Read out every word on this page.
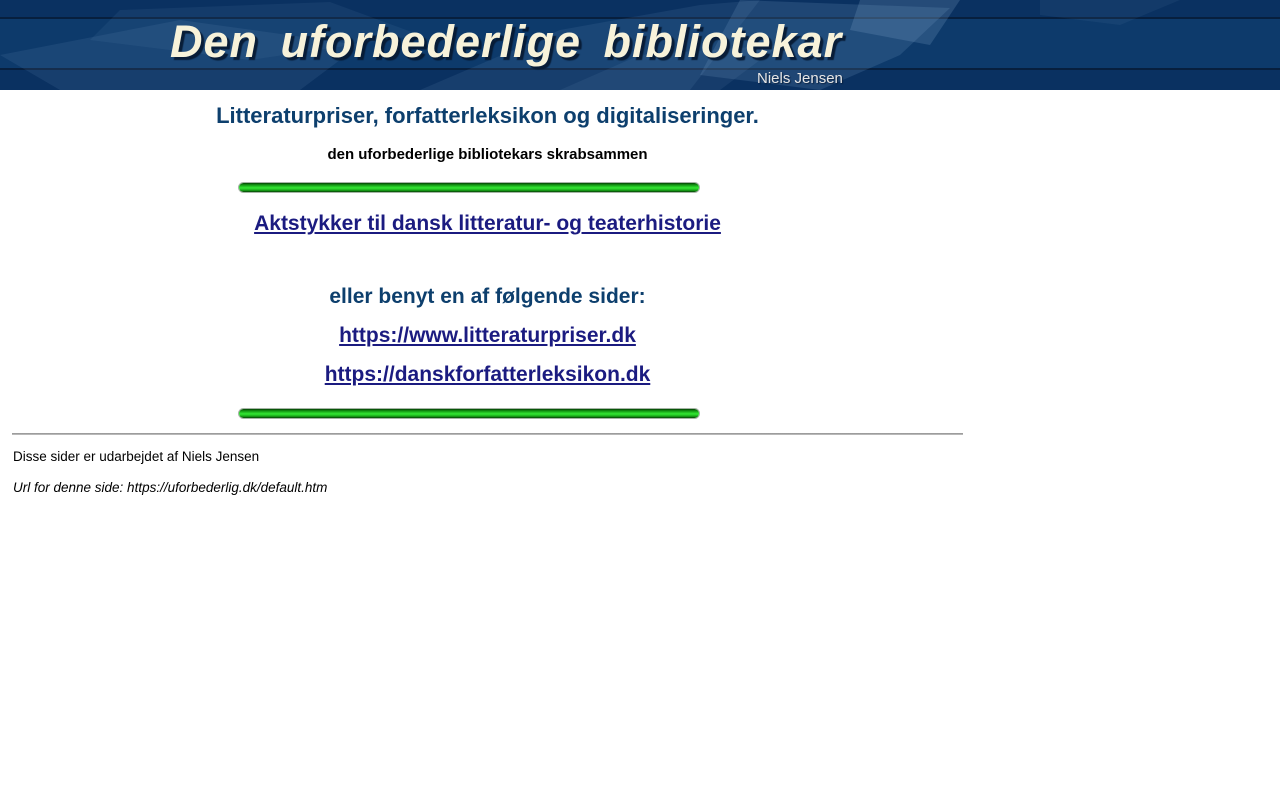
Den uforbederlige bibliotekar
Niels Jensen
Litteraturpriser, forfatterleksikon og digitaliseringer.

den uforbederlige bibliotekars skrabsammen

Aktstykker til dansk litteratur- og teaterhistorie

eller benyt en af følgende sider:

https://www.litteraturpriser.dk

https://danskforfatterleksikon.dk

Disse sider er udarbejdet af Niels Jensen

Url for denne side: https://uforbederlig.dk/default.htm
